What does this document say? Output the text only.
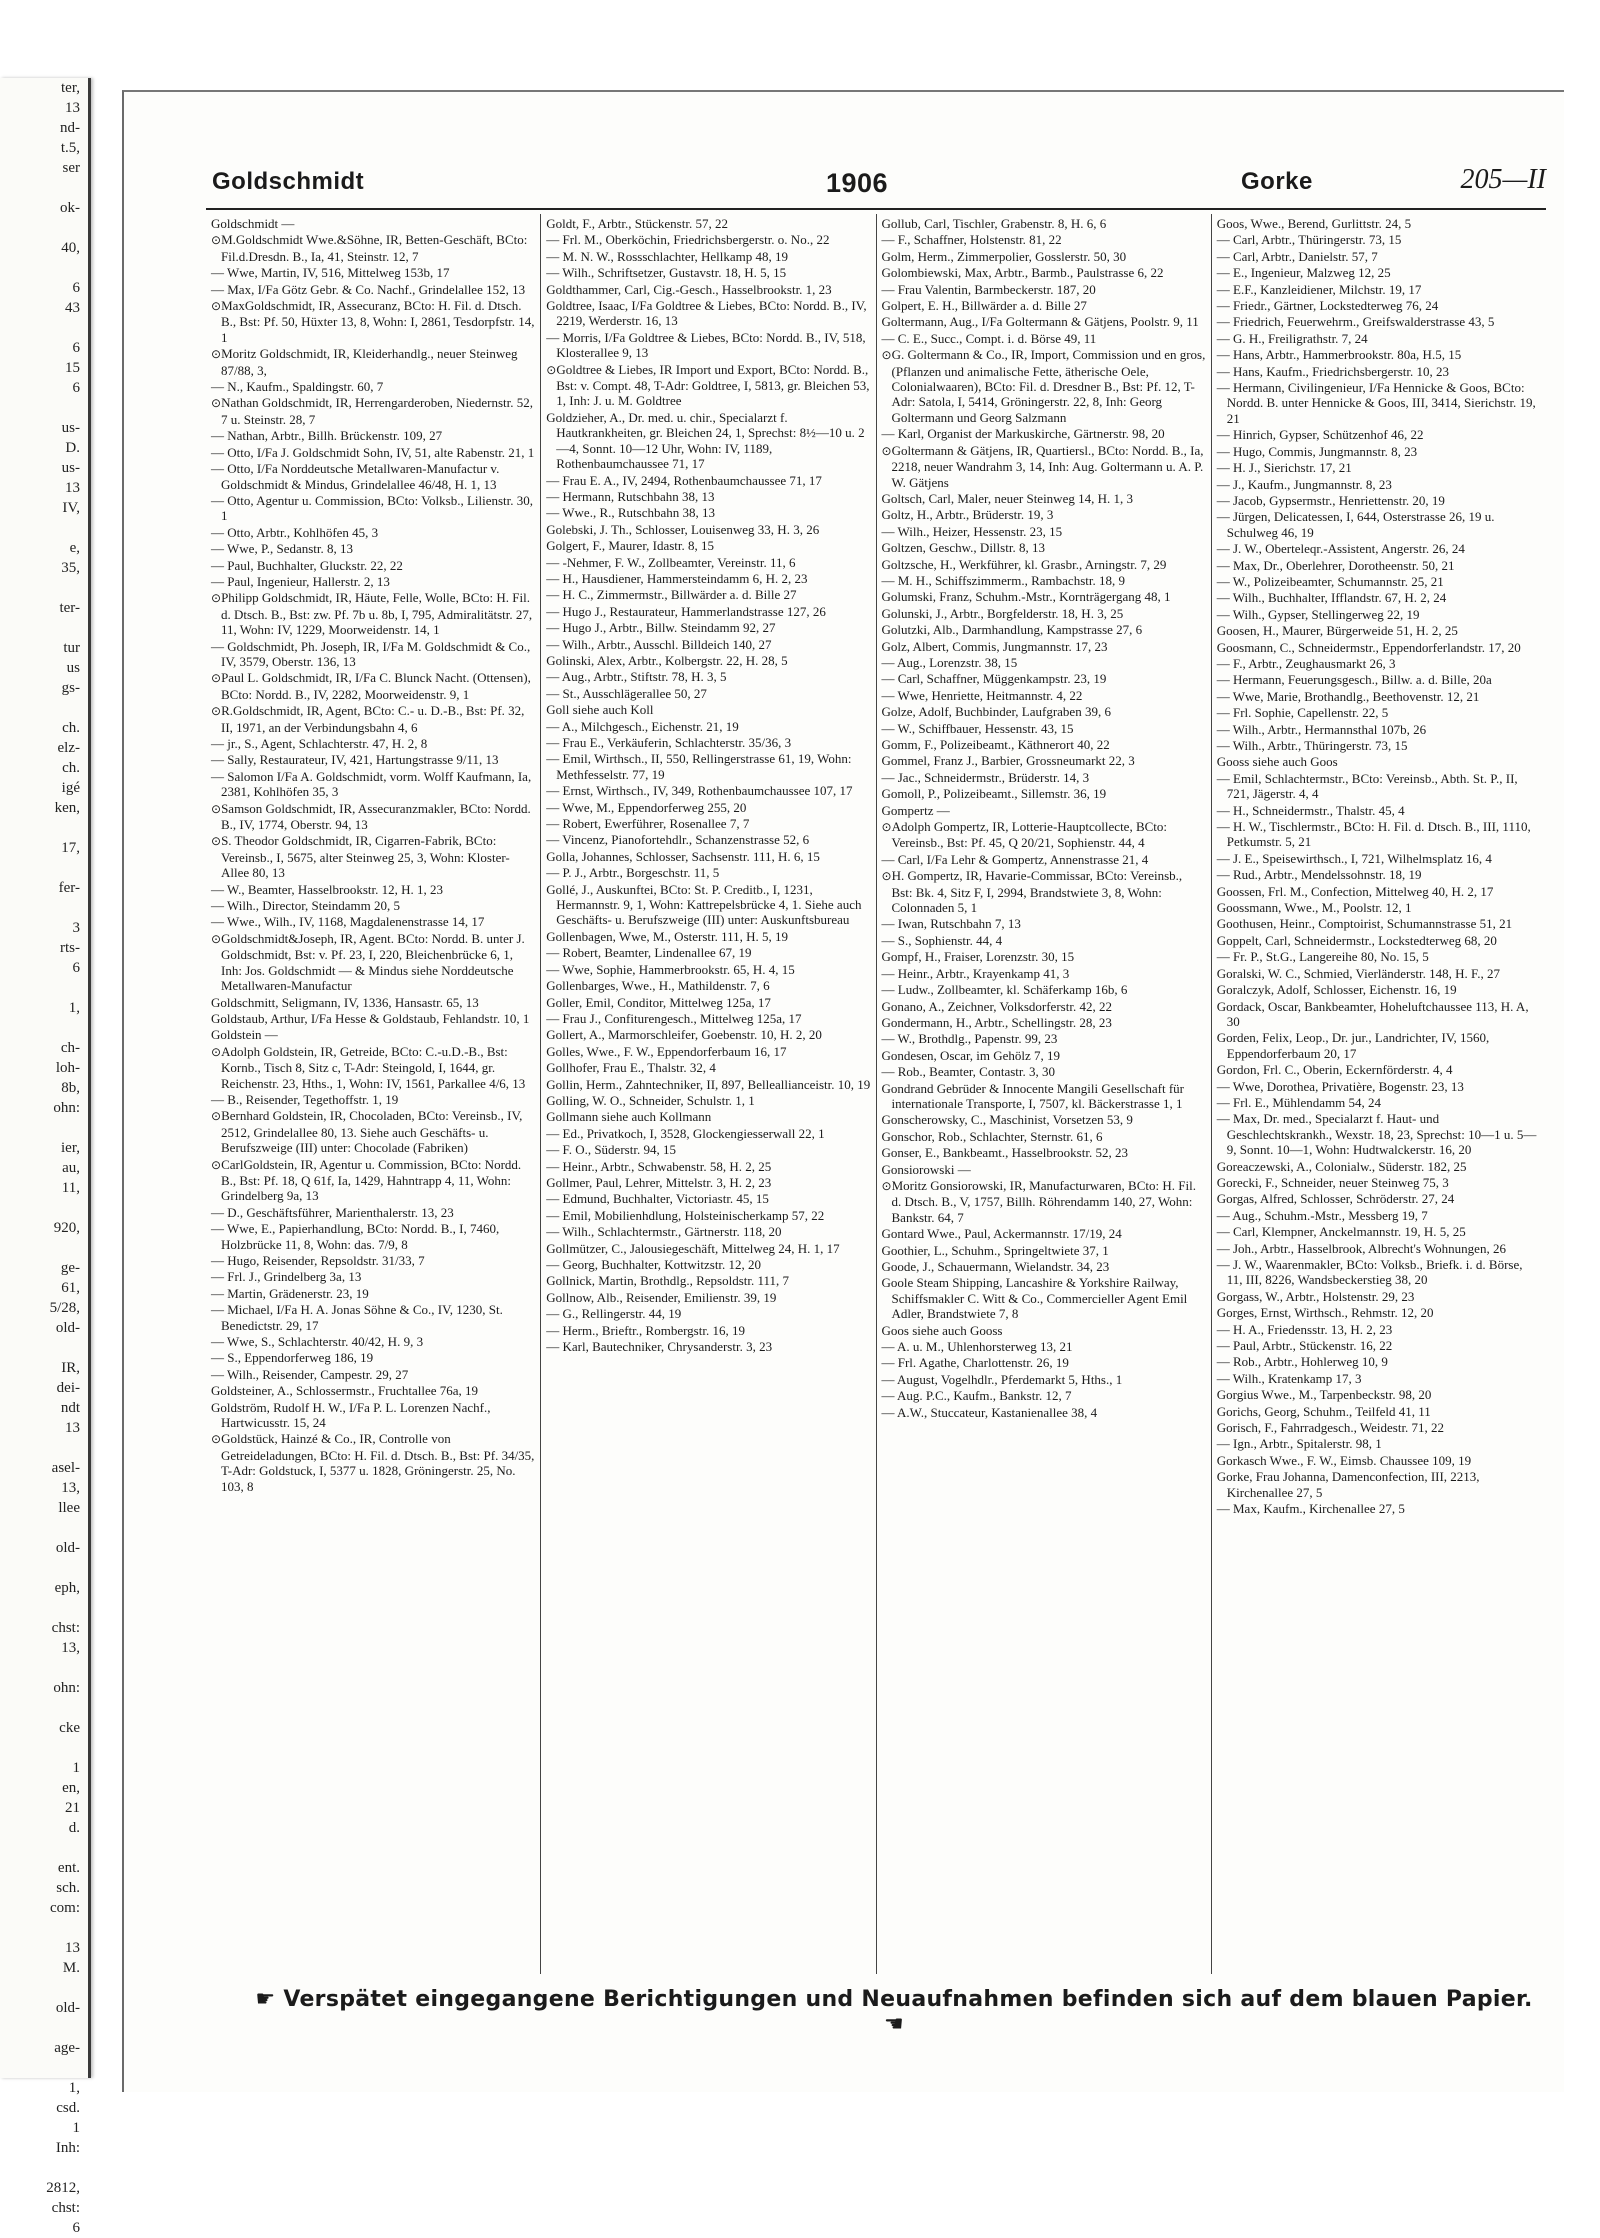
ter,
13
nd-
t.5,
ser

ok-

40,

6
43

6
15
6

us-
D.
us-
13
IV,

e,
35,

ter-

tur
us
gs-

ch.
elz-
ch.
igé
ken,

17,

fer-

3
rts-
6

1,

ch-
loh-
8b,
ohn:

ier,
au,
11,

920,

ge-
61,
5/28,
old-

IR,
dei-
ndt
13

asel-
13,
llee

old-

eph,

chst:
13,

ohn:

cke

1
en,
21
d.

ent.
sch.
com:

13
M.

old-

age-

1,
csd.
1
Inh:

2812,
chst:
6
Goldschmidt	1906	Gorke	205—II
Goldschmidt —
⊙ M.Goldschmidt Wwe.&Söhne, IR, Betten-Geschäft, BCto: Fil.d.Dresdn. B., Ia, 41, Steinstr. 12, 7
— Wwe, Martin, IV, 516, Mittelweg 153b, 17
— Max, I/Fa Götz Gebr. & Co. Nachf., Grindelallee 152, 13
⊙ MaxGoldschmidt, IR, Assecuranz, BCto: H. Fil. d. Dtsch. B., Bst: Pf. 50, Hüxter 13, 8, Wohn: I, 2861, Tesdorpfstr. 14, 1
⊙ Moritz Goldschmidt, IR, Kleiderhandlg., neuer Steinweg 87/88, 3,
— N., Kaufm., Spaldingstr. 60, 7
⊙ Nathan Goldschmidt, IR, Herrengarderoben, Niedernstr. 52, 7 u. Steinstr. 28, 7
— Nathan, Arbtr., Billh. Brückenstr. 109, 27
— Otto, I/Fa J. Goldschmidt Sohn, IV, 51, alte Rabenstr. 21, 1
— Otto, I/Fa Norddeutsche Metallwaren-Manufactur v. Goldschmidt & Mindus, Grindelallee 46/48, H. 1, 13
— Otto, Agentur u. Commission, BCto: Volksb., Lilienstr. 30, 1
— Otto, Arbtr., Kohlhöfen 45, 3
— Wwe, P., Sedanstr. 8, 13
— Paul, Buchhalter, Gluckstr. 22, 22
— Paul, Ingenieur, Hallerstr. 2, 13
⊙ Philipp Goldschmidt, IR, Häute, Felle, Wolle, BCto: H. Fil. d. Dtsch. B., Bst: zw. Pf. 7b u. 8b, I, 795, Admiralitätstr. 27, 11, Wohn: IV, 1229, Moorweidenstr. 14, 1
— Goldschmidt, Ph. Joseph, IR, I/Fa M. Goldschmidt & Co., IV, 3579, Oberstr. 136, 13
⊙ Paul L. Goldschmidt, IR, I/Fa C. Blunck Nacht. (Ottensen), BCto: Nordd. B., IV, 2282, Moorweidenstr. 9, 1
⊙ R.Goldschmidt, IR, Agent, BCto: C.- u. D.-B., Bst: Pf. 32, II, 1971, an der Verbindungsbahn 4, 6
— jr., S., Agent, Schlachterstr. 47, H. 2, 8
— Sally, Restaurateur, IV, 421, Hartungstrasse 9/11, 13
— Salomon I/Fa A. Goldschmidt, vorm. Wolff Kaufmann, Ia, 2381, Kohlhöfen 35, 3
⊙ Samson Goldschmidt, IR, Assecuranzmakler, BCto: Nordd. B., IV, 1774, Oberstr. 94, 13
⊙ S. Theodor Goldschmidt, IR, Cigarren-Fabrik, BCto: Vereinsb., I, 5675, alter Steinweg 25, 3, Wohn: Kloster-Allee 80, 13
— W., Beamter, Hasselbrookstr. 12, H. 1, 23
— Wilh., Director, Steindamm 20, 5
— Wwe., Wilh., IV, 1168, Magdalenenstrasse 14, 17
⊙ Goldschmidt&Joseph, IR, Agent. BCto: Nordd. B. unter J. Goldschmidt, Bst: v. Pf. 23, I, 220, Bleichenbrücke 6, 1, Inh: Jos. Goldschmidt — & Mindus siehe Norddeutsche Metallwaren-Manufactur
Goldschmitt, Seligmann, IV, 1336, Hansastr. 65, 13
Goldstaub, Arthur, I/Fa Hesse & Goldstaub, Fehlandstr. 10, 1
Goldstein —
⊙ Adolph Goldstein, IR, Getreide, BCto: C.-u.D.-B., Bst: Kornb., Tisch 8, Sitz c, T-Adr: Steingold, I, 1644, gr. Reichenstr. 23, Hths., 1, Wohn: IV, 1561, Parkallee 4/6, 13
— B., Reisender, Tegethoffstr. 1, 19
⊙ Bernhard Goldstein, IR, Chocoladen, BCto: Vereinsb., IV, 2512, Grindelallee 80, 13. Siehe auch Geschäfts- u. Berufszweige (III) unter: Chocolade (Fabriken)
⊙ CarlGoldstein, IR, Agentur u. Commission, BCto: Nordd. B., Bst: Pf. 18, Q 61f, Ia, 1429, Hahntrapp 4, 11, Wohn: Grindelberg 9a, 13
— D., Geschäftsführer, Marienthalerstr. 13, 23
— Wwe, E., Papierhandlung, BCto: Nordd. B., I, 7460, Holzbrücke 11, 8, Wohn: das. 7/9, 8
— Hugo, Reisender, Repsoldstr. 31/33, 7
— Frl. J., Grindelberg 3a, 13
— Martin, Grädenerstr. 23, 19
— Michael, I/Fa H. A. Jonas Söhne & Co., IV, 1230, St. Benedictstr. 29, 17
— Wwe, S., Schlachterstr. 40/42, H. 9, 3
— S., Eppendorferweg 186, 19
— Wilh., Reisender, Campestr. 29, 27
Goldsteiner, A., Schlossermstr., Fruchtallee 76a, 19
Goldström, Rudolf H. W., I/Fa P. L. Lorenzen Nachf., Hartwicusstr. 15, 24
⊙ Goldstück, Hainzé & Co., IR, Controlle von Getreideladungen, BCto: H. Fil. d. Dtsch. B., Bst: Pf. 34/35, T-Adr: Goldstuck, I, 5377 u. 1828, Gröningerstr. 25, No. 103, 8
Goldt, F., Arbtr., Stückenstr. 57, 22
— Frl. M., Oberköchin, Friedrichsbergerstr. o. No., 22
— M. N. W., Rossschlachter, Hellkamp 48, 19
— Wilh., Schriftsetzer, Gustavstr. 18, H. 5, 15
Goldthammer, Carl, Cig.-Gesch., Hasselbrookstr. 1, 23
Goldtree, Isaac, I/Fa Goldtree & Liebes, BCto: Nordd. B., IV, 2219, Werderstr. 16, 13
— Morris, I/Fa Goldtree & Liebes, BCto: Nordd. B., IV, 518, Klosterallee 9, 13
⊙ Goldtree & Liebes, IR Import und Export, BCto: Nordd. B., Bst: v. Compt. 48, T-Adr: Goldtree, I, 5813, gr. Bleichen 53, 1, Inh: J. u. M. Goldtree
Goldzieher, A., Dr. med. u. chir., Specialarzt f. Hautkrankheiten, gr. Bleichen 24, 1, Sprechst: 8½—10 u. 2—4, Sonnt. 10—12 Uhr, Wohn: IV, 1189, Rothenbaumchaussee 71, 17
— Frau E. A., IV, 2494, Rothenbaumchaussee 71, 17
— Hermann, Rutschbahn 38, 13
— Wwe., R., Rutschbahn 38, 13
Golebski, J. Th., Schlosser, Louisenweg 33, H. 3, 26
Golgert, F., Maurer, Idastr. 8, 15
— -Nehmer, F. W., Zollbeamter, Vereinstr. 11, 6
— H., Hausdiener, Hammersteindamm 6, H. 2, 23
— H. C., Zimmermstr., Billwärder a. d. Bille 27
— Hugo J., Restaurateur, Hammerlandstrasse 127, 26
— Hugo J., Arbtr., Billw. Steindamm 92, 27
— Wilh., Arbtr., Ausschl. Billdeich 140, 27
Golinski, Alex, Arbtr., Kolbergstr. 22, H. 28, 5
— Aug., Arbtr., Stiftstr. 78, H. 3, 5
— St., Ausschlägerallee 50, 27
Goll siehe auch Koll
— A., Milchgesch., Eichenstr. 21, 19
— Frau E., Verkäuferin, Schlachterstr. 35/36, 3
— Emil, Wirthsch., II, 550, Rellingerstrasse 61, 19, Wohn: Methfesselstr. 77, 19
— Ernst, Wirthsch., IV, 349, Rothenbaumchaussee 107, 17
— Wwe, M., Eppendorferweg 255, 20
— Robert, Ewerführer, Rosenallee 7, 7
— Vincenz, Pianofortehdlr., Schanzenstrasse 52, 6
Golla, Johannes, Schlosser, Sachsenstr. 111, H. 6, 15
— P. J., Arbtr., Borgeschstr. 11, 5
Gollé, J., Auskunftei, BCto: St. P. Creditb., I, 1231, Hermannstr. 9, 1, Wohn: Kattrepelsbrücke 4, 1. Siehe auch Geschäfts- u. Berufszweige (III) unter: Auskunftsbureau
Gollenbagen, Wwe, M., Osterstr. 111, H. 5, 19
— Robert, Beamter, Lindenallee 67, 19
— Wwe, Sophie, Hammerbrookstr. 65, H. 4, 15
Gollenbarges, Wwe., H., Mathildenstr. 7, 6
Goller, Emil, Conditor, Mittelweg 125a, 17
— Frau J., Confiturengesch., Mittelweg 125a, 17
Gollert, A., Marmorschleifer, Goebenstr. 10, H. 2, 20
Golles, Wwe., F. W., Eppendorferbaum 16, 17
Gollhofer, Frau E., Thalstr. 32, 4
Gollin, Herm., Zahntechniker, II, 897, Belleallianceistr. 10, 19
Golling, W. O., Schneider, Schulstr. 1, 1
Gollmann siehe auch Kollmann
— Ed., Privatkoch, I, 3528, Glockengiesserwall 22, 1
— F. O., Süderstr. 94, 15
— Heinr., Arbtr., Schwabenstr. 58, H. 2, 25
Gollmer, Paul, Lehrer, Mittelstr. 3, H. 2, 23
— Edmund, Buchhalter, Victoriastr. 45, 15
— Emil, Mobilienhdlung, Holsteinischerkamp 57, 22
— Wilh., Schlachtermstr., Gärtnerstr. 118, 20
Gollmützer, C., Jalousiegeschäft, Mittelweg 24, H. 1, 17
— Georg, Buchhalter, Kottwitzstr. 12, 20
Gollnick, Martin, Brothdlg., Repsoldstr. 111, 7
Gollnow, Alb., Reisender, Emilienstr. 39, 19
— G., Rellingerstr. 44, 19
— Herm., Brieftr., Rombergstr. 16, 19
— Karl, Bautechniker, Chrysanderstr. 3, 23
Gollub, Carl, Tischler, Grabenstr. 8, H. 6, 6
— F., Schaffner, Holstenstr. 81, 22
Golm, Herm., Zimmerpolier, Gosslerstr. 50, 30
Golombiewski, Max, Arbtr., Barmb., Paulstrasse 6, 22
— Frau Valentin, Barmbeckerstr. 187, 20
Golpert, E. H., Billwärder a. d. Bille 27
Goltermann, Aug., I/Fa Goltermann & Gätjens, Poolstr. 9, 11
— C. E., Succ., Compt. i. d. Börse 49, 11
⊙ G. Goltermann & Co., IR, Import, Commission und en gros, (Pflanzen und animalische Fette, ätherische Oele, Colonialwaaren), BCto: Fil. d. Dresdner B., Bst: Pf. 12, T-Adr: Satola, I, 5414, Gröningerstr. 22, 8, Inh: Georg Goltermann und Georg Salzmann
— Karl, Organist der Markuskirche, Gärtnerstr. 98, 20
⊙ Goltermann & Gätjens, IR, Quartiersl., BCto: Nordd. B., Ia, 2218, neuer Wandrahm 3, 14, Inh: Aug. Goltermann u. A. P. W. Gätjens
Goltsch, Carl, Maler, neuer Steinweg 14, H. 1, 3
Goltz, H., Arbtr., Brüderstr. 19, 3
— Wilh., Heizer, Hessenstr. 23, 15
Goltzen, Geschw., Dillstr. 8, 13
Goltzsche, H., Werkführer, kl. Grasbr., Arningstr. 7, 29
— M. H., Schiffszimmerm., Rambachstr. 18, 9
Golumski, Franz, Schuhm.-Mstr., Kornträgergang 48, 1
Golunski, J., Arbtr., Borgfelderstr. 18, H. 3, 25
Golutzki, Alb., Darmhandlung, Kampstrasse 27, 6
Golz, Albert, Commis, Jungmannstr. 17, 23
— Aug., Lorenzstr. 38, 15
— Carl, Schaffner, Müggenkampstr. 23, 19
— Wwe, Henriette, Heitmannstr. 4, 22
Golze, Adolf, Buchbinder, Laufgraben 39, 6
— W., Schiffbauer, Hessenstr. 43, 15
Gomm, F., Polizeibeamt., Käthnerort 40, 22
Gommel, Franz J., Barbier, Grossneumarkt 22, 3
— Jac., Schneidermstr., Brüderstr. 14, 3
Gomoll, P., Polizeibeamt., Sillemstr. 36, 19
Gompertz —
⊙ Adolph Gompertz, IR, Lotterie-Hauptcollecte, BCto: Vereinsb., Bst: Pf. 45, Q 20/21, Sophienstr. 44, 4
— Carl, I/Fa Lehr & Gompertz, Annenstrasse 21, 4
⊙ H. Gompertz, IR, Havarie-Commissar, BCto: Vereinsb., Bst: Bk. 4, Sitz F, I, 2994, Brandstwiete 3, 8, Wohn: Colonnaden 5, 1
— Iwan, Rutschbahn 7, 13
— S., Sophienstr. 44, 4
Gompf, H., Fraiser, Lorenzstr. 30, 15
— Heinr., Arbtr., Krayenkamp 41, 3
— Ludw., Zollbeamter, kl. Schäferkamp 16b, 6
Gonano, A., Zeichner, Volksdorferstr. 42, 22
Gondermann, H., Arbtr., Schellingstr. 28, 23
— W., Brothdlg., Papenstr. 99, 23
Gondesen, Oscar, im Gehölz 7, 19
— Rob., Beamter, Contastr. 3, 30
Gondrand Gebrüder & Innocente Mangili Gesellschaft für internationale Transporte, I, 7507, kl. Bäckerstrasse 1, 1
Gonscherowsky, C., Maschinist, Vorsetzen 53, 9
Gonschor, Rob., Schlachter, Sternstr. 61, 6
Gonser, E., Bankbeamt., Hasselbrookstr. 52, 23
Gonsiorowski —
⊙ Moritz Gonsiorowski, IR, Manufacturwaren, BCto: H. Fil. d. Dtsch. B., V, 1757, Billh. Röhrendamm 140, 27, Wohn: Bankstr. 64, 7
Gontard Wwe., Paul, Ackermannstr. 17/19, 24
Goothier, L., Schuhm., Springeltwiete 37, 1
Goode, J., Schauermann, Wielandstr. 34, 23
Goole Steam Shipping, Lancashire & Yorkshire Railway, Schiffsmakler C. Witt & Co., Commercieller Agent Emil Adler, Brandstwiete 7, 8
Goos siehe auch Gooss
— A. u. M., Uhlenhorsterweg 13, 21
— Frl. Agathe, Charlottenstr. 26, 19
— August, Vogelhdlr., Pferdemarkt 5, Hths., 1
— Aug. P.C., Kaufm., Bankstr. 12, 7
— A.W., Stuccateur, Kastanienallee 38, 4
Goos, Wwe., Berend, Gurlittstr. 24, 5
— Carl, Arbtr., Thüringerstr. 73, 15
— Carl, Arbtr., Danielstr. 57, 7
— E., Ingenieur, Malzweg 12, 25
— E.F., Kanzleidiener, Milchstr. 19, 17
— Friedr., Gärtner, Lockstedterweg 76, 24
— Friedrich, Feuerwehrm., Greifswalderstrasse 43, 5
— G. H., Freiligrathstr. 7, 24
— Hans, Arbtr., Hammerbrookstr. 80a, H.5, 15
— Hans, Kaufm., Friedrichsbergerstr. 10, 23
— Hermann, Civilingenieur, I/Fa Hennicke & Goos, BCto: Nordd. B. unter Hennicke & Goos, III, 3414, Sierichstr. 19, 21
— Hinrich, Gypser, Schützenhof 46, 22
— Hugo, Commis, Jungmannstr. 8, 23
— H. J., Sierichstr. 17, 21
— J., Kaufm., Jungmannstr. 8, 23
— Jacob, Gypsermstr., Henriettenstr. 20, 19
— Jürgen, Delicatessen, I, 644, Osterstrasse 26, 19 u. Schulweg 46, 19
— J. W., Oberteleqr.-Assistent, Angerstr. 26, 24
— Max, Dr., Oberlehrer, Dorotheenstr. 50, 21
— W., Polizeibeamter, Schumannstr. 25, 21
— Wilh., Buchhalter, Ifflandstr. 67, H. 2, 24
— Wilh., Gypser, Stellingerweg 22, 19
Goosen, H., Maurer, Bürgerweide 51, H. 2, 25
Goosmann, C., Schneidermstr., Eppendorferlandstr. 17, 20
— F., Arbtr., Zeughausmarkt 26, 3
— Hermann, Feuerungsgesch., Billw. a. d. Bille, 20a
— Wwe, Marie, Brothandlg., Beethovenstr. 12, 21
— Frl. Sophie, Capellenstr. 22, 5
— Wilh., Arbtr., Hermannsthal 107b, 26
— Wilh., Arbtr., Thüringerstr. 73, 15
Gooss siehe auch Goos
— Emil, Schlachtermstr., BCto: Vereinsb., Abth. St. P., II, 721, Jägerstr. 4, 4
— H., Schneidermstr., Thalstr. 45, 4
— H. W., Tischlermstr., BCto: H. Fil. d. Dtsch. B., III, 1110, Petkumstr. 5, 21
— J. E., Speisewirthsch., I, 721, Wilhelmsplatz 16, 4
— Rud., Arbtr., Mendelssohnstr. 18, 19
Goossen, Frl. M., Confection, Mittelweg 40, H. 2, 17
Goossmann, Wwe., M., Poolstr. 12, 1
Goothusen, Heinr., Comptoirist, Schumannstrasse 51, 21
Goppelt, Carl, Schneidermstr., Lockstedterweg 68, 20
— Fr. P., St.G., Langereihe 80, No. 15, 5
Goralski, W. C., Schmied, Vierländerstr. 148, H. F., 27
Goralczyk, Adolf, Schlosser, Eichenstr. 16, 19
Gordack, Oscar, Bankbeamter, Hoheluftchaussee 113, H. A, 30
Gorden, Felix, Leop., Dr. jur., Landrichter, IV, 1560, Eppendorferbaum 20, 17
Gordon, Frl. C., Oberin, Eckernförderstr. 4, 4
— Wwe, Dorothea, Privatière, Bogenstr. 23, 13
— Frl. E., Mühlendamm 54, 24
— Max, Dr. med., Specialarzt f. Haut- und Geschlechtskrankh., Wexstr. 18, 23, Sprechst: 10—1 u. 5—9, Sonnt. 10—1, Wohn: Hudtwalckerstr. 16, 20
Goreaczewski, A., Colonialw., Süderstr. 182, 25
Gorecki, F., Schneider, neuer Steinweg 75, 3
Gorgas, Alfred, Schlosser, Schröderstr. 27, 24
— Aug., Schuhm.-Mstr., Messberg 19, 7
— Carl, Klempner, Anckelmannstr. 19, H. 5, 25
— Joh., Arbtr., Hasselbrook, Albrecht's Wohnungen, 26
— J. W., Waarenmakler, BCto: Volksb., Briefk. i. d. Börse, 11, III, 8226, Wandsbeckerstieg 38, 20
Gorgass, W., Arbtr., Holstenstr. 29, 23
Gorges, Ernst, Wirthsch., Rehmstr. 12, 20
— H. A., Friedensstr. 13, H. 2, 23
— Paul, Arbtr., Stückenstr. 16, 22
— Rob., Arbtr., Hohlerweg 10, 9
— Wilh., Kratenkamp 17, 3
Gorgius Wwe., M., Tarpenbeckstr. 98, 20
Gorichs, Georg, Schuhm., Teilfeld 41, 11
Gorisch, F., Fahrradgesch., Weidestr. 71, 22
— Ign., Arbtr., Spitalerstr. 98, 1
Gorkasch Wwe., F. W., Eimsb. Chaussee 109, 19
Gorke, Frau Johanna, Damenconfection, III, 2213, Kirchenallee 27, 5
— Max, Kaufm., Kirchenallee 27, 5
☛ Verspätet eingegangene Berichtigungen und Neuaufnahmen befinden sich auf dem blauen Papier. ☚
